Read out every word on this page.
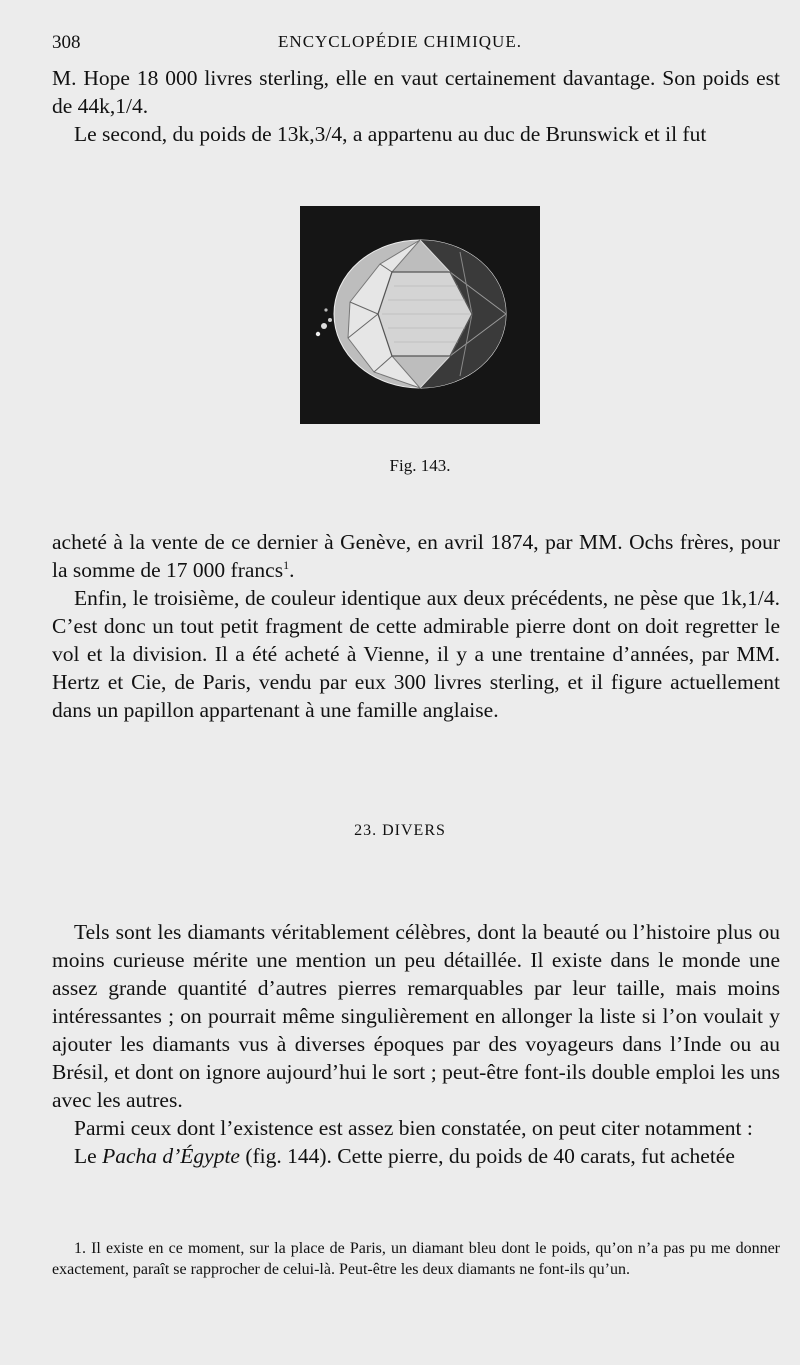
308	ENCYCLOPÉDIE CHIMIQUE.

M. Hope 18 000 livres sterling, elle en vaut certainement davantage. Son poids est de 44k,1/4.

Le second, du poids de 13k,3/4, a appartenu au duc de Brunswick et il fut

Fig. 143.

acheté à la vente de ce dernier à Genève, en avril 1874, par MM. Ochs frères, pour la somme de 17 000 francs$^1$.

Enfin, le troisième, de couleur identique aux deux précédents, ne pèse que 1k,1/4. C’est donc un tout petit fragment de cette admirable pierre dont on doit regretter le vol et la division. Il a été acheté à Vienne, il y a une trentaine d’années, par MM. Hertz et Cie, de Paris, vendu par eux 300 livres sterling, et il figure actuellement dans un papillon appartenant à une famille anglaise.

23. DIVERS

Tels sont les diamants véritablement célèbres, dont la beauté ou l’histoire plus ou moins curieuse mérite une mention un peu détaillée. Il existe dans le monde une assez grande quantité d’autres pierres remarquables par leur taille, mais moins intéressantes ; on pourrait même singulièrement en allonger la liste si l’on voulait y ajouter les diamants vus à diverses époques par des voyageurs dans l’Inde ou au Brésil, et dont on ignore aujourd’hui le sort ; peut-être font-ils double emploi les uns avec les autres.

Parmi ceux dont l’existence est assez bien constatée, on peut citer notamment :

Le Pacha d’Égypte (fig. 144). Cette pierre, du poids de 40 carats, fut achetée

1. Il existe en ce moment, sur la place de Paris, un diamant bleu dont le poids, qu’on n’a pas pu me donner exactement, paraît se rapprocher de celui-là. Peut-être les deux diamants ne font-ils qu’un.
